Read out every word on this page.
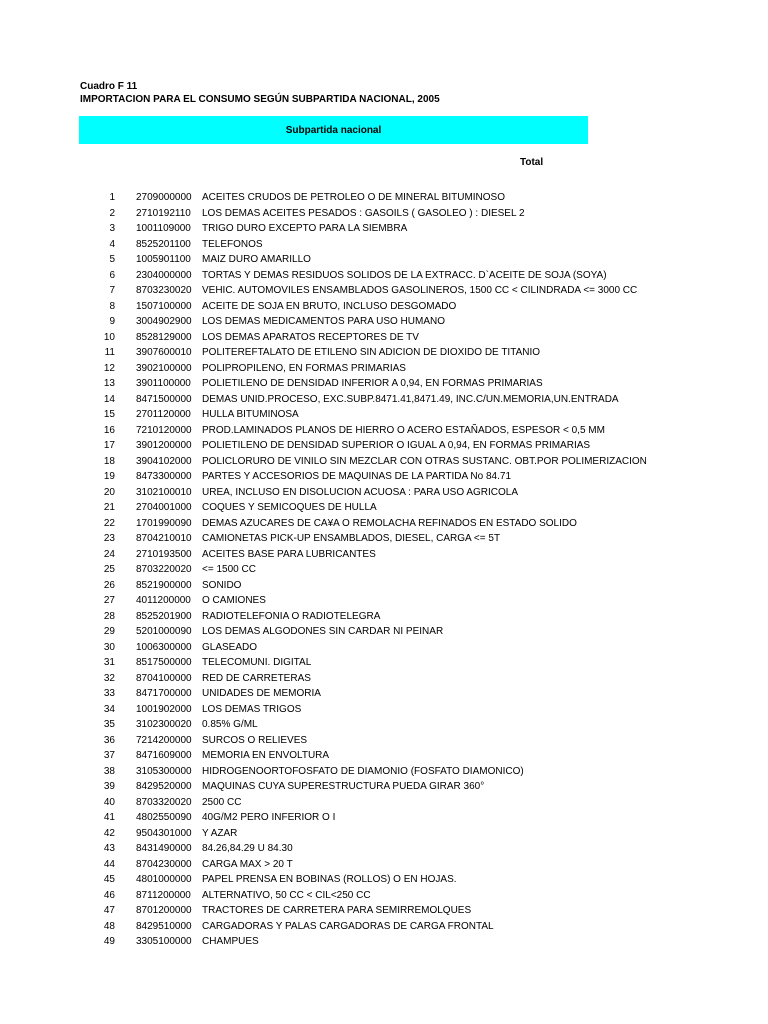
Cuadro F 11
IMPORTACION PARA EL CONSUMO SEGÚN SUBPARTIDA NACIONAL, 2005
Subpartida nacional
Total
1 2709000000 ACEITES CRUDOS DE PETROLEO O DE MINERAL BITUMINOSO
2 2710192110 LOS DEMAS ACEITES PESADOS : GASOILS ( GASOLEO ) : DIESEL 2
3 1001109000 TRIGO DURO EXCEPTO PARA LA SIEMBRA
4 8525201100 TELEFONOS
5 1005901100 MAIZ DURO AMARILLO
6 2304000000 TORTAS Y DEMAS RESIDUOS SOLIDOS DE LA EXTRACC. D`ACEITE DE SOJA (SOYA)
7 8703230020 VEHIC. AUTOMOVILES ENSAMBLADOS GASOLINEROS, 1500 CC < CILINDRADA <= 3000 CC
8 1507100000 ACEITE DE SOJA EN BRUTO, INCLUSO DESGOMADO
9 3004902900 LOS DEMAS MEDICAMENTOS PARA USO HUMANO
10 8528129000 LOS DEMAS APARATOS RECEPTORES DE TV
11 3907600010 POLITEREFTALATO DE ETILENO SIN ADICION DE DIOXIDO DE TITANIO
12 3902100000 POLIPROPILENO, EN FORMAS PRIMARIAS
13 3901100000 POLIETILENO DE DENSIDAD INFERIOR A 0,94, EN FORMAS PRIMARIAS
14 8471500000 DEMAS UNID.PROCESO, EXC.SUBP.8471.41,8471.49, INC.C/UN.MEMORIA,UN.ENTRADA
15 2701120000 HULLA BITUMINOSA
16 7210120000 PROD.LAMINADOS PLANOS DE HIERRO O ACERO ESTAÑADOS, ESPESOR < 0,5 MM
17 3901200000 POLIETILENO DE DENSIDAD SUPERIOR O IGUAL A 0,94, EN FORMAS PRIMARIAS
18 3904102000 POLICLORURO DE VINILO SIN MEZCLAR CON OTRAS SUSTANC. OBT.POR POLIMERIZACION
19 8473300000 PARTES Y ACCESORIOS DE MAQUINAS DE LA PARTIDA No 84.71
20 3102100010 UREA, INCLUSO EN DISOLUCION ACUOSA : PARA USO AGRICOLA
21 2704001000 COQUES Y SEMICOQUES DE HULLA
22 1701990090 DEMAS AZUCARES DE CA¥A O REMOLACHA REFINADOS EN ESTADO SOLIDO
23 8704210010 CAMIONETAS PICK-UP ENSAMBLADOS, DIESEL, CARGA <= 5T
24 2710193500 ACEITES BASE PARA LUBRICANTES
25 8703220020 <= 1500 CC
26 8521900000 SONIDO
27 4011200000 O CAMIONES
28 8525201900 RADIOTELEFONIA O RADIOTELEGRA
29 5201000090 LOS DEMAS ALGODONES SIN CARDAR NI PEINAR
30 1006300000 GLASEADO
31 8517500000 TELECOMUNI. DIGITAL
32 8704100000 RED DE CARRETERAS
33 8471700000 UNIDADES DE MEMORIA
34 1001902000 LOS DEMAS TRIGOS
35 3102300020 0.85% G/ML
36 7214200000 SURCOS O RELIEVES
37 8471609000 MEMORIA EN ENVOLTURA
38 3105300000 HIDROGENOORTOFOSFATO DE DIAMONIO (FOSFATO DIAMONICO)
39 8429520000 MAQUINAS CUYA SUPERESTRUCTURA PUEDA GIRAR 360°
40 8703320020 2500 CC
41 4802550090 40G/M2 PERO INFERIOR O I
42 9504301000 Y AZAR
43 8431490000 84.26,84.29 U 84.30
44 8704230000 CARGA MAX > 20 T
45 4801000000 PAPEL PRENSA EN BOBINAS (ROLLOS) O EN HOJAS.
46 8711200000 ALTERNATIVO, 50 CC < CIL<250 CC
47 8701200000 TRACTORES DE CARRETERA PARA SEMIRREMOLQUES
48 8429510000 CARGADORAS Y PALAS CARGADORAS DE CARGA FRONTAL
49 3305100000 CHAMPUES
